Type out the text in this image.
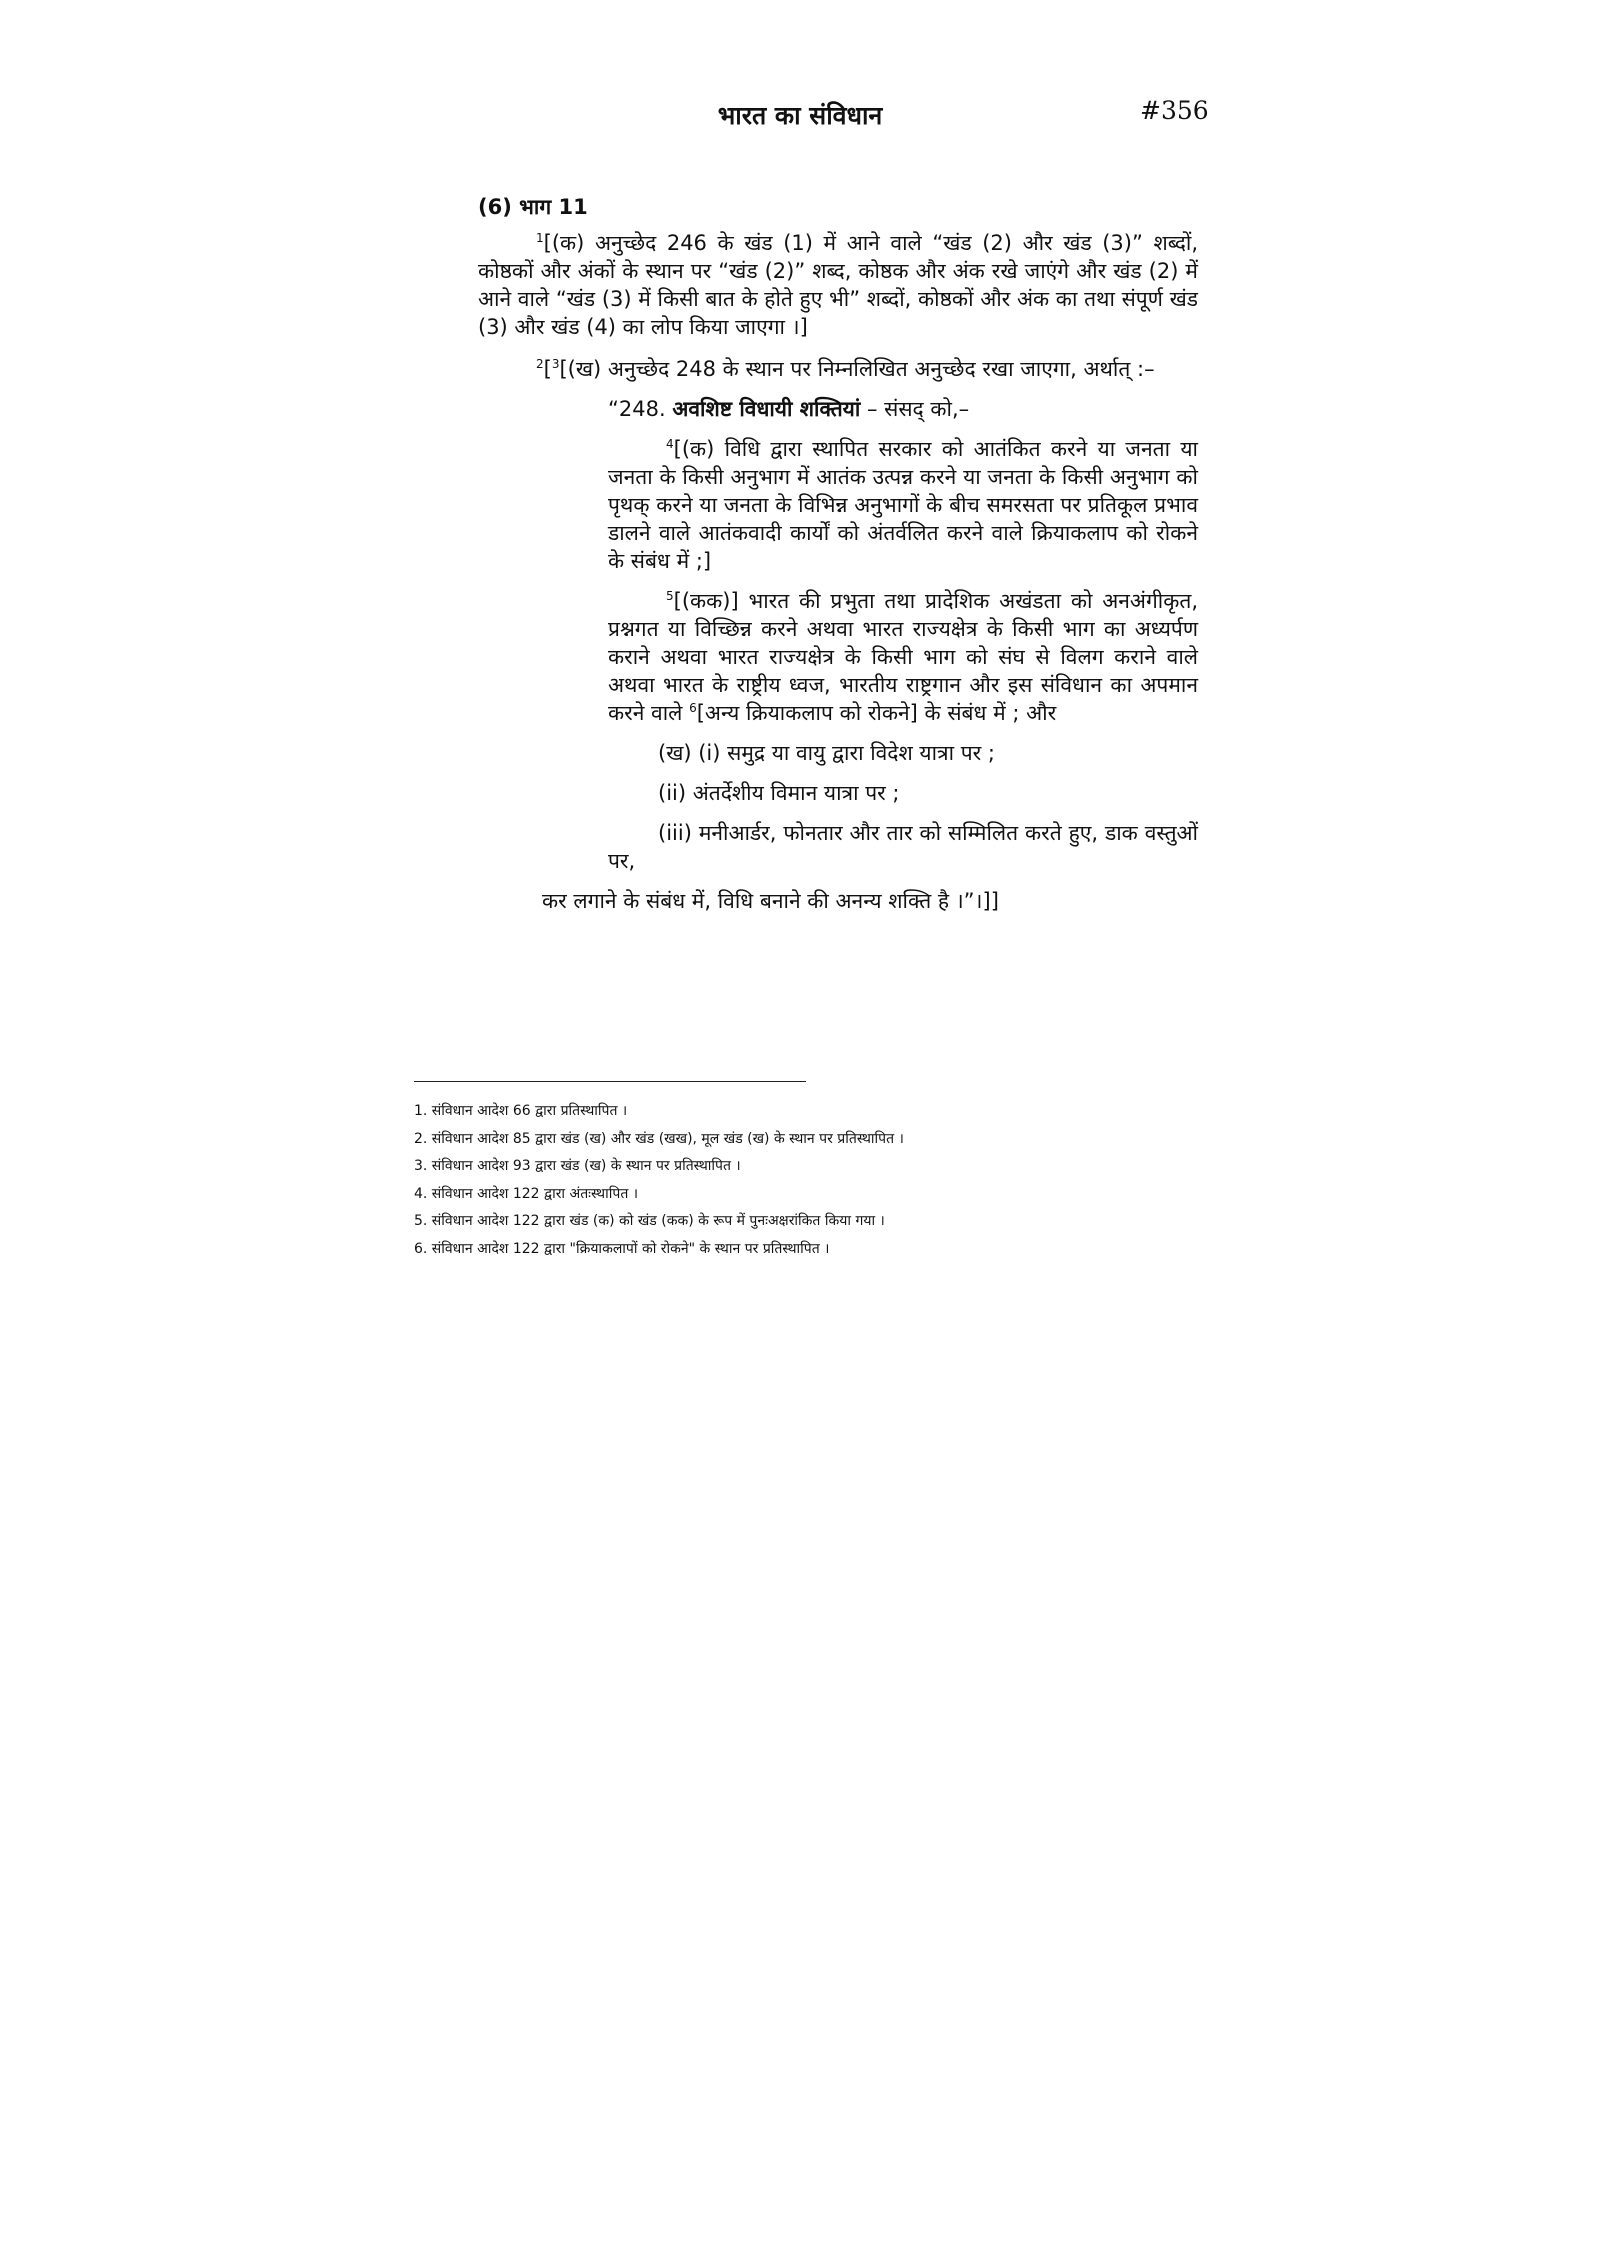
भारत का संविधान	#356
(6) भाग 11

$^1$[(क) अनुच्छेद 246 के खंड (1) में आने वाले “खंड (2) और खंड (3)” शब्दों, कोष्ठकों और अंकों के स्थान पर “खंड (2)” शब्द, कोष्ठक और अंक रखे जाएंगे और खंड (2) में आने वाले “खंड (3) में किसी बात के होते हुए भी” शब्दों, कोष्ठकों और अंक का तथा संपूर्ण खंड (3) और खंड (4) का लोप किया जाएगा ।]

$^2$[$^3$[(ख) अनुच्छेद 248 के स्थान पर निम्नलिखित अनुच्छेद रखा जाएगा, अर्थात् :–

“248. अवशिष्ट विधायी शक्तियां – संसद् को,–

$^4$[(क) विधि द्वारा स्थापित सरकार को आतंकित करने या जनता या जनता के किसी अनुभाग में आतंक उत्पन्न करने या जनता के किसी अनुभाग को पृथक् करने या जनता के विभिन्न अनुभागों के बीच समरसता पर प्रतिकूल प्रभाव डालने वाले आतंकवादी कार्यों को अंतर्वलित करने वाले क्रियाकलाप को रोकने के संबंध में ;]

$^5$[(कक)] भारत की प्रभुता तथा प्रादेशिक अखंडता को अनअंगीकृत, प्रश्नगत या विच्छिन्न करने अथवा भारत राज्यक्षेत्र के किसी भाग का अध्यर्पण कराने अथवा भारत राज्यक्षेत्र के किसी भाग को संघ से विलग कराने वाले अथवा भारत के राष्ट्रीय ध्वज, भारतीय राष्ट्रगान और इस संविधान का अपमान करने वाले $^6$[अन्य क्रियाकलाप को रोकने] के संबंध में ; और

(ख) (i) समुद्र या वायु द्वारा विदेश यात्रा पर ;

(ii) अंतर्देशीय विमान यात्रा पर ;

(iii) मनीआर्डर, फोनतार और तार को सम्मिलित करते हुए, डाक वस्तुओं पर,

कर लगाने के संबंध में, विधि बनाने की अनन्य शक्ति है ।”।]]

1. संविधान आदेश 66 द्वारा प्रतिस्थापित ।
2. संविधान आदेश 85 द्वारा खंड (ख) और खंड (खख), मूल खंड (ख) के स्थान पर प्रतिस्थापित ।
3. संविधान आदेश 93 द्वारा खंड (ख) के स्थान पर प्रतिस्थापित ।
4. संविधान आदेश 122 द्वारा अंतःस्थापित ।
5. संविधान आदेश 122 द्वारा खंड (क) को खंड (कक) के रूप में पुनःअक्षरांकित किया गया ।
6. संविधान आदेश 122 द्वारा "क्रियाकलापों को रोकने" के स्थान पर प्रतिस्थापित ।
